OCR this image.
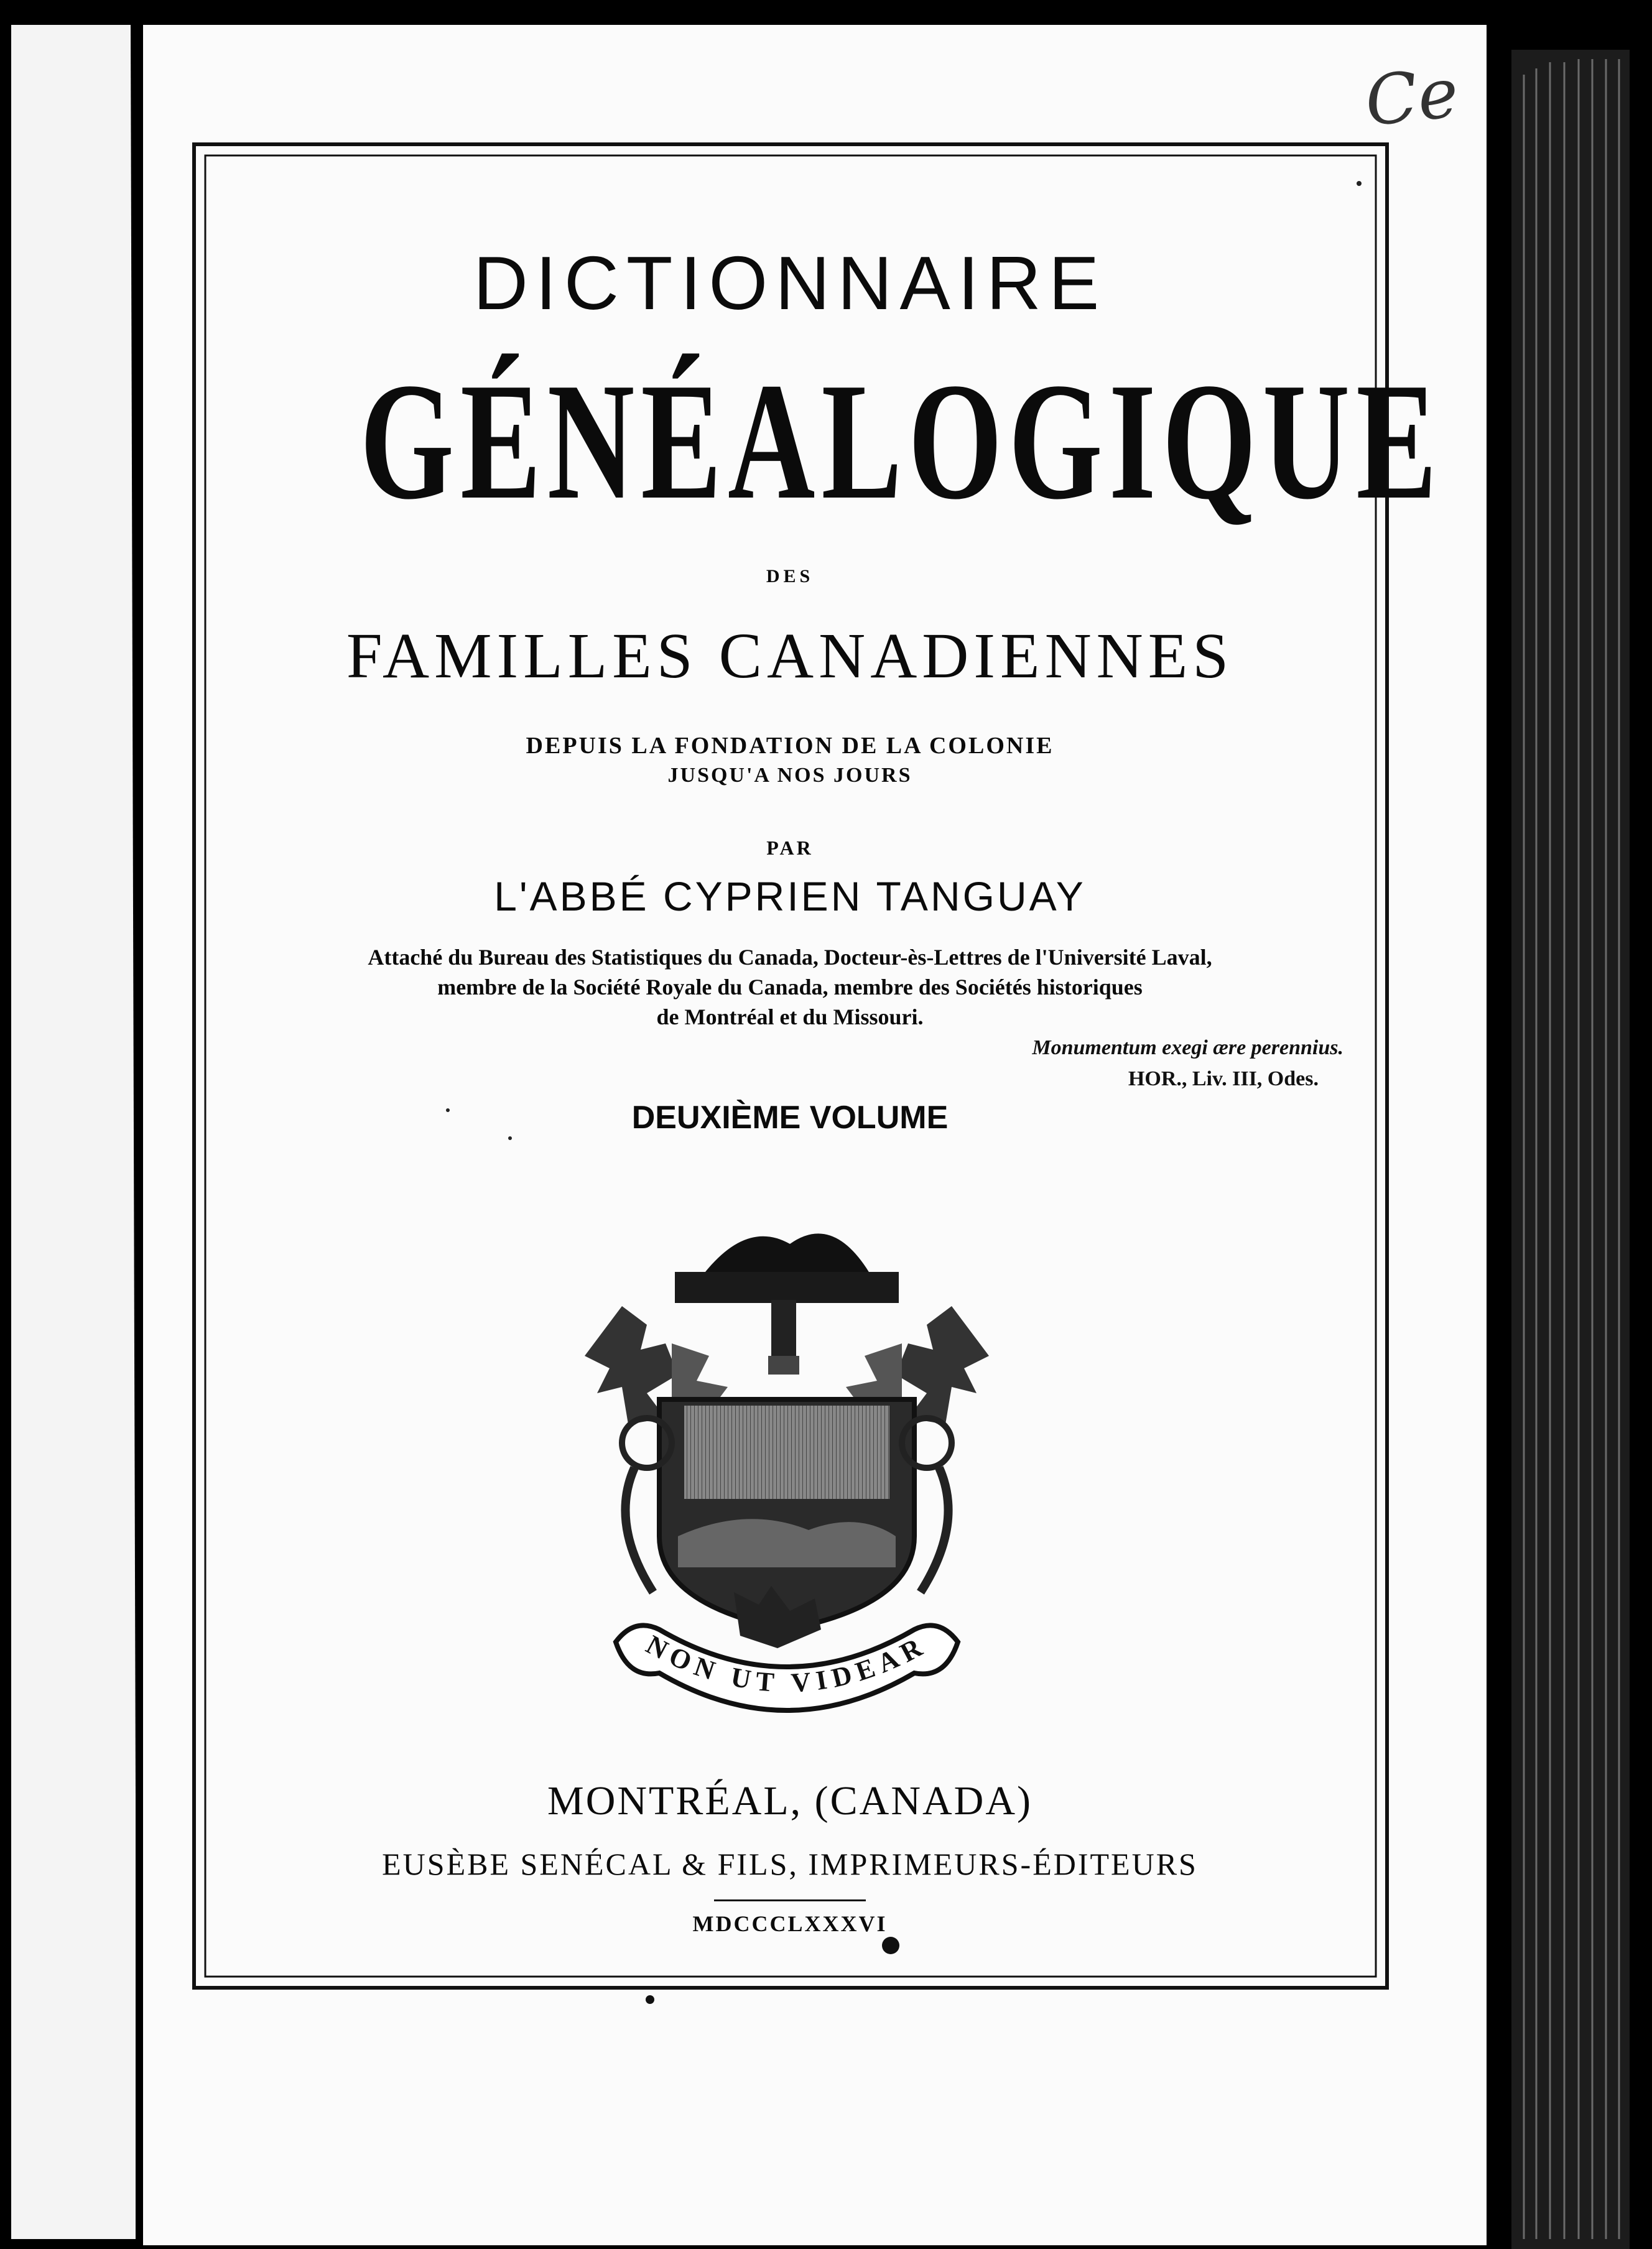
Ce
DICTIONNAIRE
GÉNÉALOGIQUE
DES
FAMILLES CANADIENNES
DEPUIS LA FONDATION DE LA COLONIE
JUSQU'A NOS JOURS
PAR
L'ABBÉ CYPRIEN TANGUAY
Attaché du Bureau des Statistiques du Canada, Docteur-ès-Lettres de l'Université Laval,
membre de la Société Royale du Canada, membre des Sociétés historiques
de Montréal et du Missouri.
Monumentum exegi ære perennius.
HOR., Liv. III, Odes.
DEUXIÈME VOLUME
NON UT VIDEAR
MONTRÉAL, (CANADA)
EUSÈBE SENÉCAL & FILS, IMPRIMEURS-ÉDITEURS
MDCCCLXXXVI
